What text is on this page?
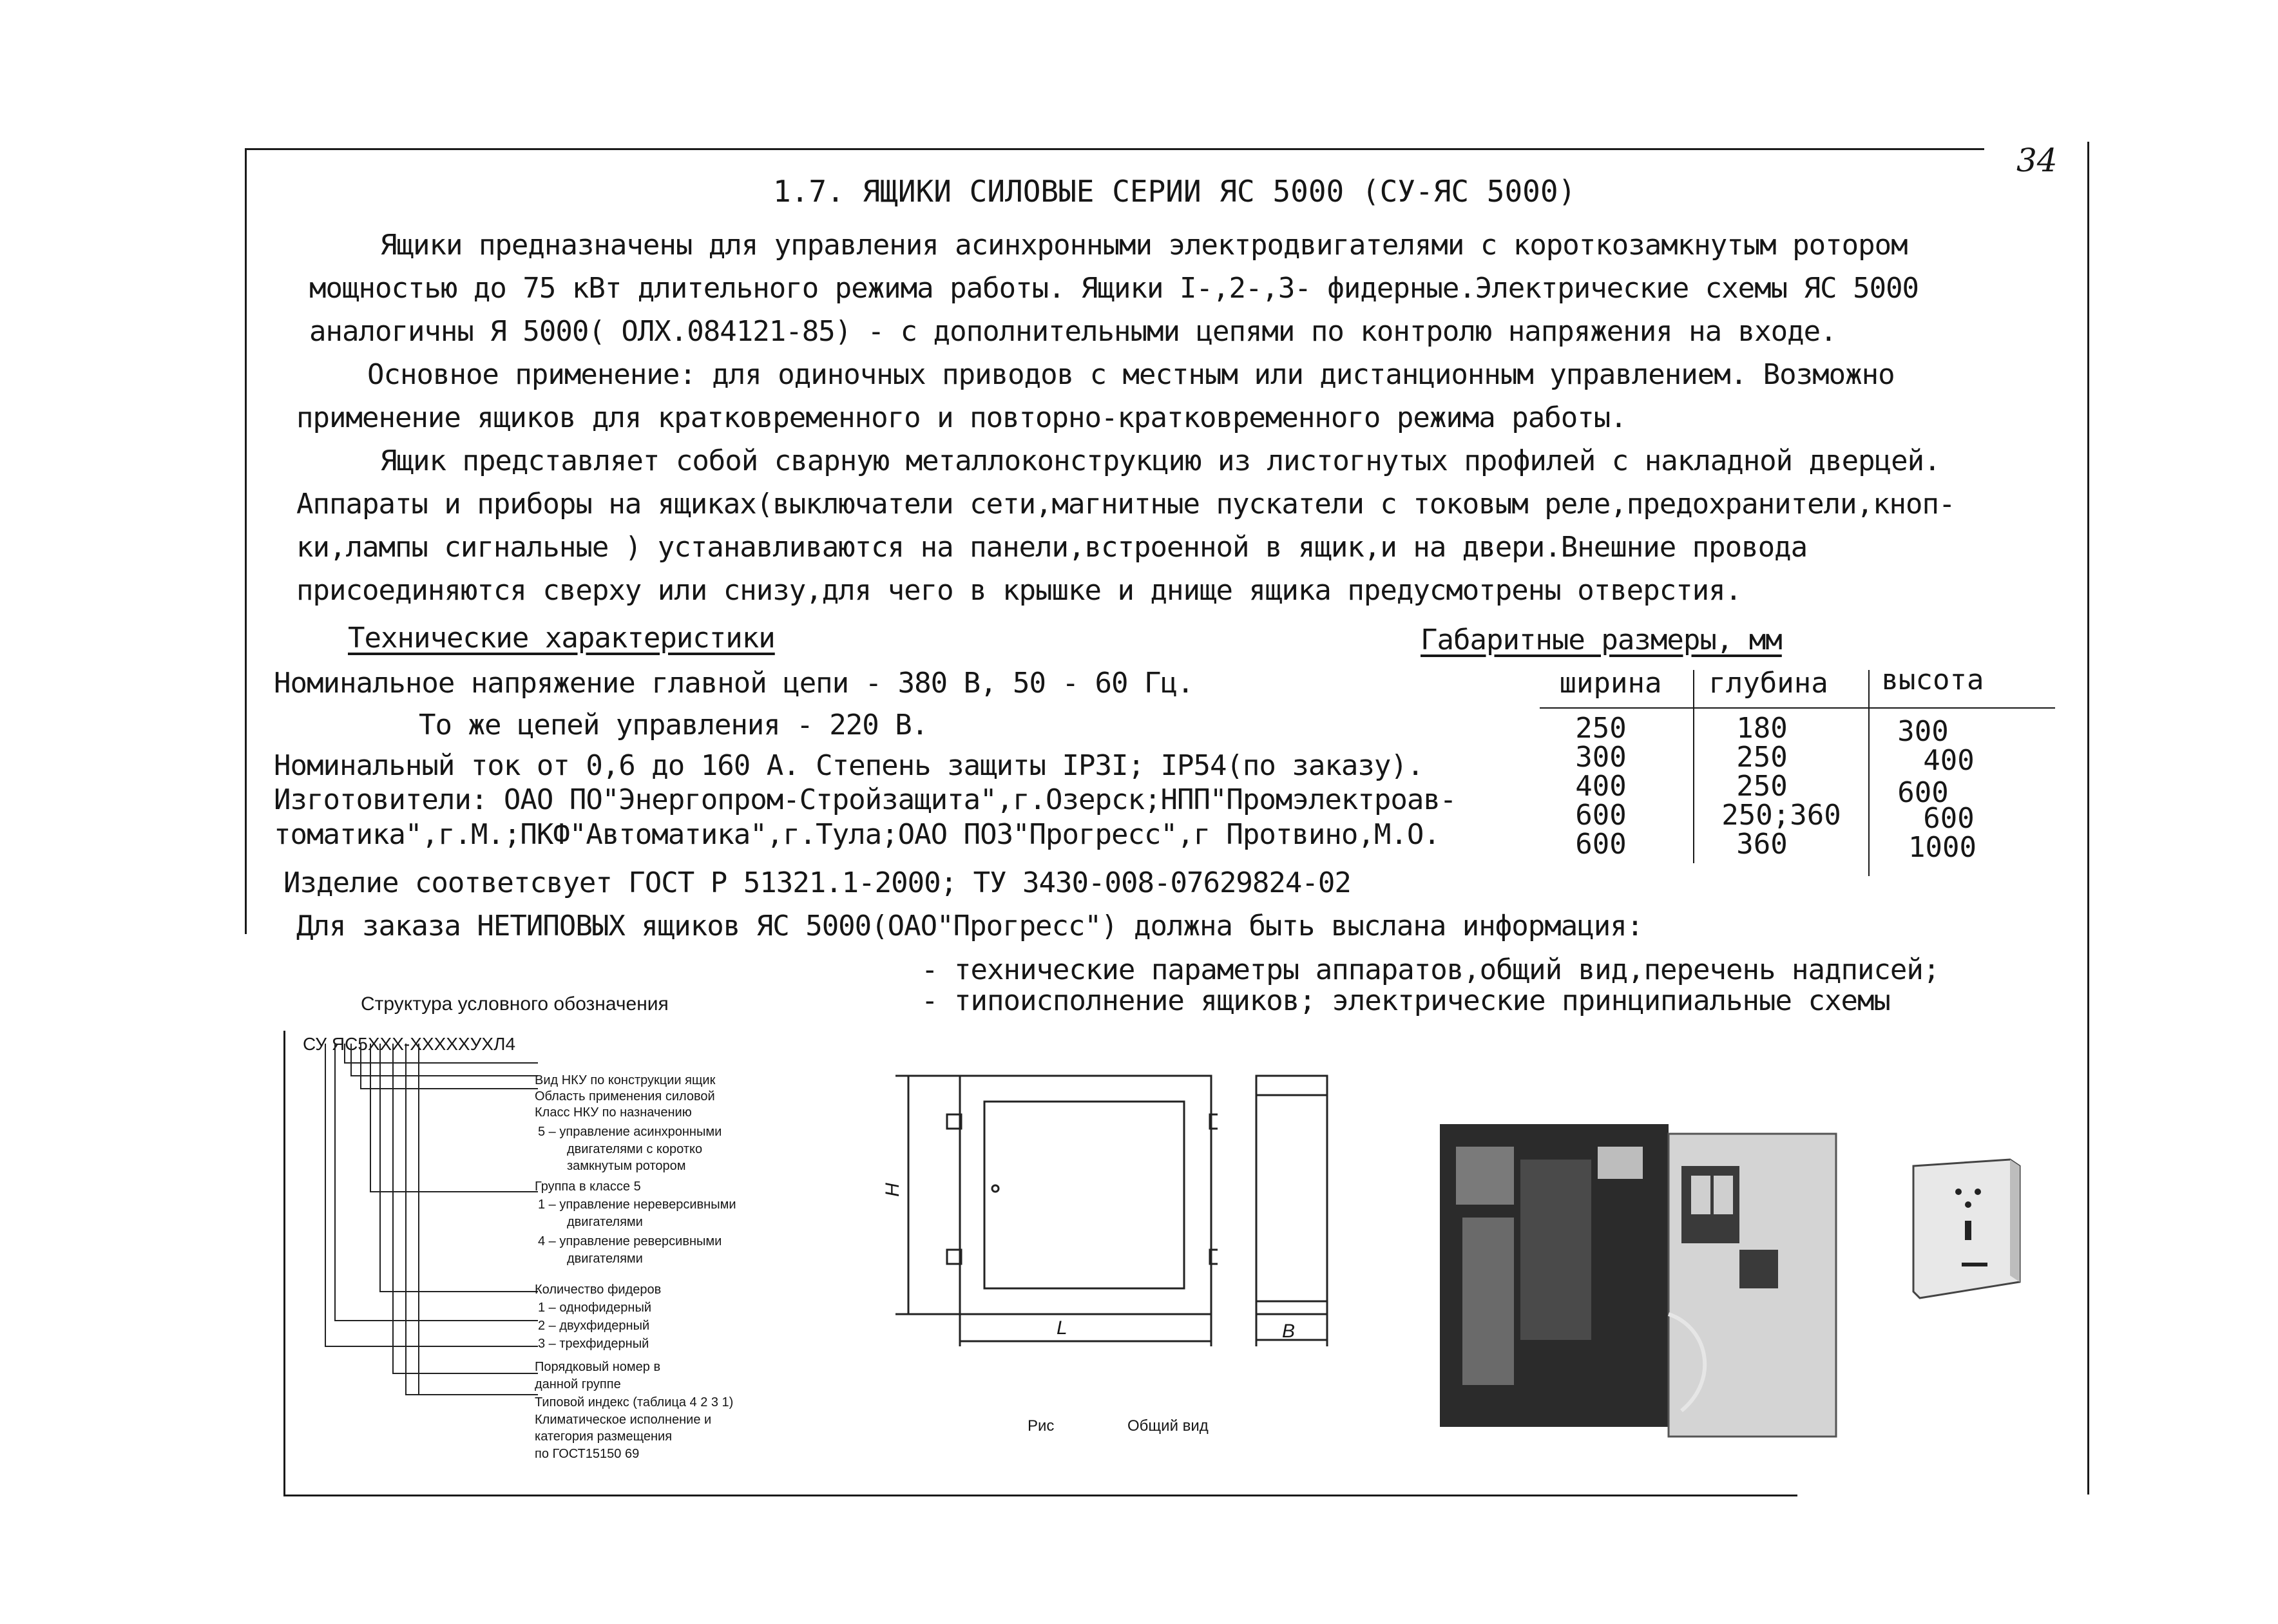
34
1.7. ЯЩИКИ СИЛОВЫЕ СЕРИИ ЯС 5000 (СУ-ЯС 5000)
Ящики предназначены для управления асинхронными электродвигателями с короткозамкнутым ротором
мощностью до 75 кВт длительного режима работы. Ящики I-,2-,3- фидерные.Электрические схемы ЯС 5000
аналогичны Я 5000( ОЛХ.084121-85) - с дополнительными цепями по контролю напряжения на входе.
Основное применение: для одиночных приводов с местным или дистанционным управлением. Возможно
применение ящиков для кратковременного и повторно-кратковременного режима работы.
Ящик представляет собой сварную металлоконструкцию из листогнутых профилей с накладной дверцей.
Аппараты и приборы на ящиках(выключатели сети,магнитные пускатели с токовым реле,предохранители,кноп-
ки,лампы сигнальные ) устанавливаются на панели,встроенной в ящик,и на двери.Внешние провода
присоединяются сверху или снизу,для чего в крышке и днище ящика предусмотрены отверстия.
Технические характеристики
Номинальное напряжение главной цепи - 380 В, 50 - 60 Гц.
То же цепей управления - 220 В.
Номинальный ток от 0,6 до 160 А. Степень защиты IP3I; IP54(по заказу).
Изготовители: ОАО ПО"Энергопром-Стройзащита",г.Озерск;НПП"Промэлектроав-
томатика",г.М.;ПКФ"Автоматика",г.Тула;ОАО ПОЗ"Прогресс",г Протвино,М.О.
Изделие соответсвует ГОСТ Р 51321.1-2000; ТУ 3430-008-07629824-02
Для заказа НЕТИПОВЫХ ящиков ЯС 5000(ОАО"Прогресс") должна быть выслана информация:
- технические параметры аппаратов,общий вид,перечень надписей;
- типоисполнение ящиков; электрические принципиальные схемы
Габаритные размеры, мм
ширина	глубина	высота
250	180	300
300	250	400
400	250	600
600	250;360	600
600	360	1000
Структура условного обозначения
СУ ЯС5ХХХ-ХХХХХУХЛ4
Вид НКУ по конструкции ящик
Область применения силовой
Класс НКУ по назначению
5 – управление асинхронными
двигателями с коротко
замкнутым ротором
Группа в классе 5
1 – управление нереверсивными
двигателями
4 – управление реверсивными
двигателями
Количество фидеров
1 – однофидерный
2 – двухфидерный
3 – трехфидерный
Порядковый номер в
данной группе
Типовой индекс (таблица 4 2 3 1)
Климатическое исполнение и
категория размещения
по ГОСТ15150 69
H
L	B
Рис	Общий вид
